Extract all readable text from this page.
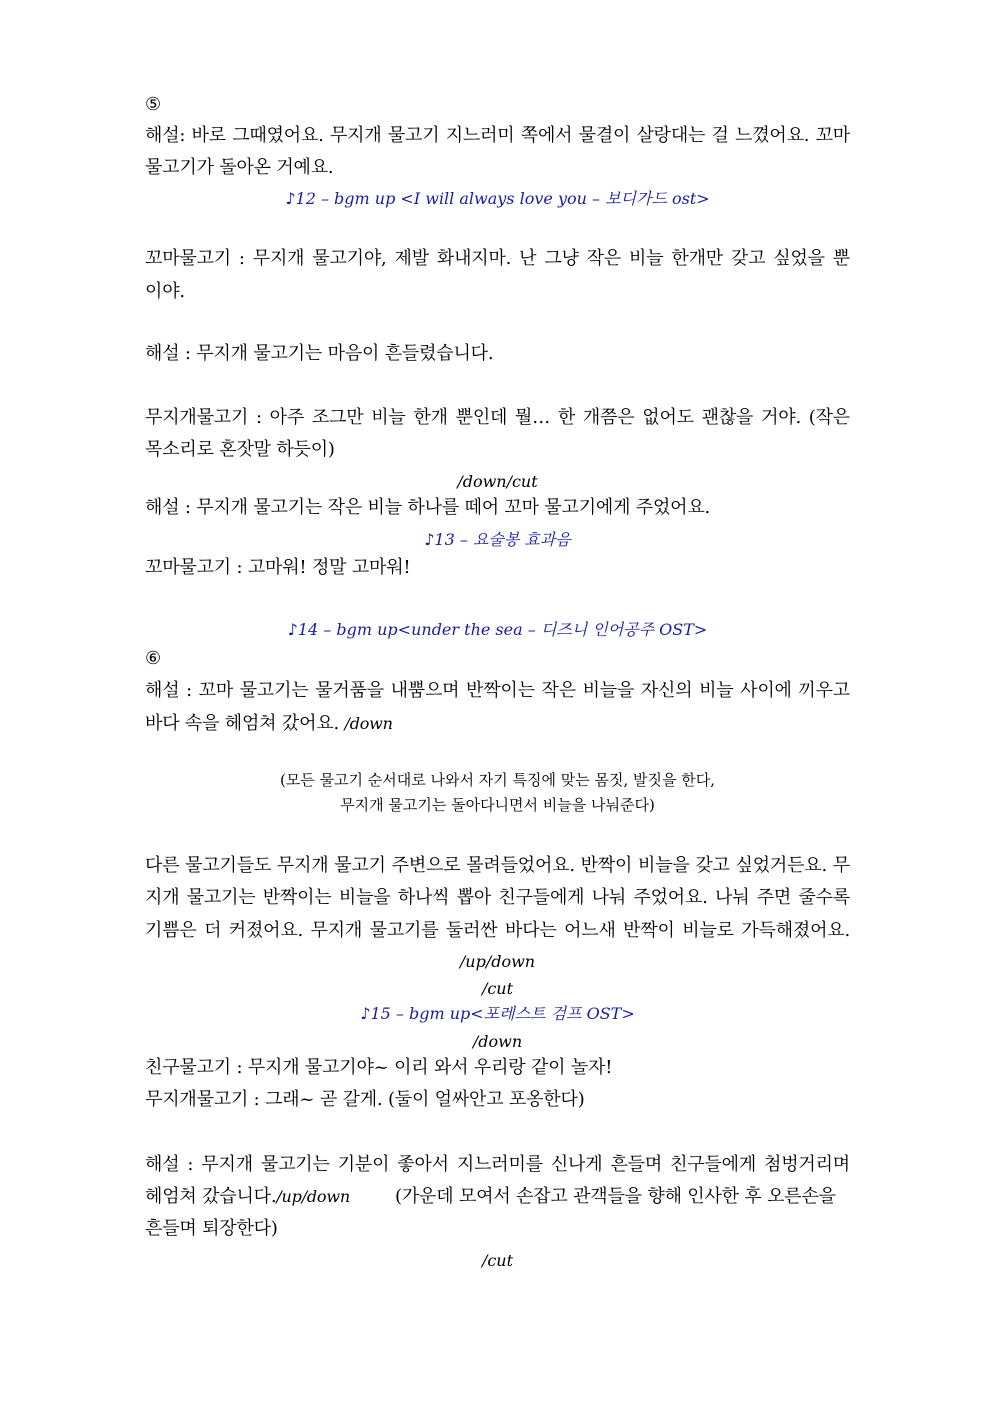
⑤
해설: 바로 그때였어요. 무지개 물고기 지느러미 쪽에서 물결이 살랑대는 걸 느꼈어요. 꼬마
물고기가 돌아온 거예요.
♪12 – bgm up <I will always love you – 보디가드 ost>
꼬마물고기 : 무지개 물고기야, 제발 화내지마. 난 그냥 작은 비늘 한개만 갖고 싶었을 뿐
이야.
해설 : 무지개 물고기는 마음이 흔들렸습니다.
무지개물고기 : 아주 조그만 비늘 한개 뿐인데 뭘… 한 개쯤은 없어도 괜찮을 거야. (작은
목소리로 혼잣말 하듯이)
/down/cut
해설 : 무지개 물고기는 작은 비늘 하나를 떼어 꼬마 물고기에게 주었어요.
♪13 – 요술봉 효과음
꼬마물고기 : 고마워! 정말 고마워!
♪14 – bgm up<under the sea – 디즈니 인어공주 OST>
⑥
해설 : 꼬마 물고기는 물거품을 내뿜으며 반짝이는 작은 비늘을 자신의 비늘 사이에 끼우고
바다 속을 헤엄쳐 갔어요. /down
(모든 물고기 순서대로 나와서 자기 특징에 맞는 몸짓, 발짓을 한다,
무지개 물고기는 돌아다니면서 비늘을 나눠준다)
다른 물고기들도 무지개 물고기 주변으로 몰려들었어요. 반짝이 비늘을 갖고 싶었거든요. 무
지개 물고기는 반짝이는 비늘을 하나씩 뽑아 친구들에게 나눠 주었어요. 나눠 주면 줄수록
기쁨은 더 커졌어요. 무지개 물고기를 둘러싼 바다는 어느새 반짝이 비늘로 가득해졌어요.
/up/down
/cut
♪15 – bgm up<포레스트 검프 OST>
/down
친구물고기 : 무지개 물고기야~ 이리 와서 우리랑 같이 놀자!
무지개물고기 : 그래~ 곧 갈게. (둘이 얼싸안고 포옹한다)
해설 : 무지개 물고기는 기분이 좋아서 지느러미를 신나게 흔들며 친구들에게 첨벙거리며
헤엄쳐 갔습니다./up/down	(가운데 모여서 손잡고 관객들을 향해 인사한 후 오른손을
흔들며 퇴장한다)
/cut
